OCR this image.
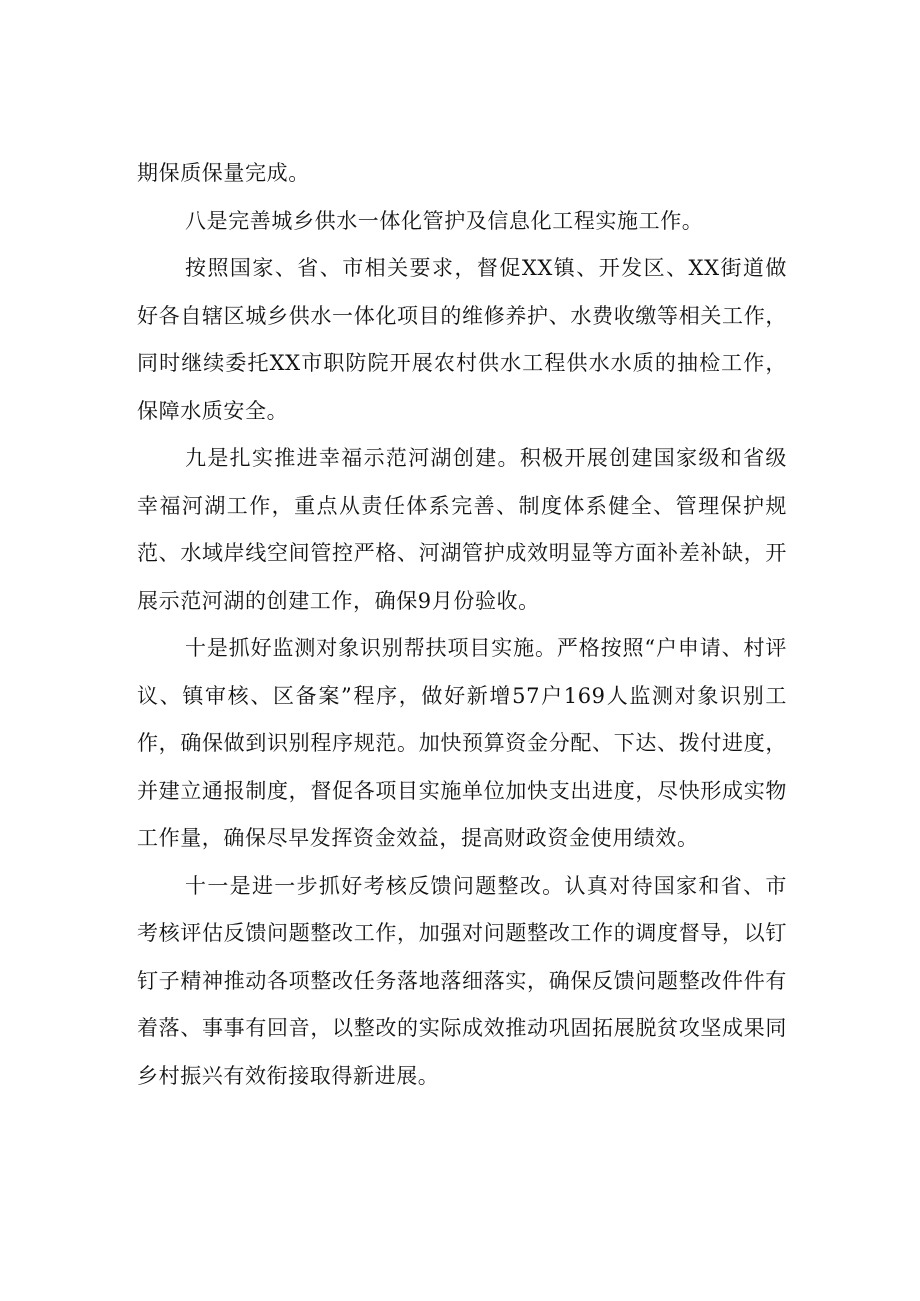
期保质保量完成。

八是完善城乡供水一体化管护及信息化工程实施工作。

按照国家、省、市相关要求，督促XX镇、开发区、XX街道做好各自辖区城乡供水一体化项目的维修养护、水费收缴等相关工作，同时继续委托XX市职防院开展农村供水工程供水水质的抽检工作，保障水质安全。

九是扎实推进幸福示范河湖创建。积极开展创建国家级和省级幸福河湖工作，重点从责任体系完善、制度体系健全、管理保护规范、水域岸线空间管控严格、河湖管护成效明显等方面补差补缺，开展示范河湖的创建工作，确保9月份验收。

十是抓好监测对象识别帮扶项目实施。严格按照“户申请、村评议、镇审核、区备案”程序，做好新增57户169人监测对象识别工作，确保做到识别程序规范。加快预算资金分配、下达、拨付进度，并建立通报制度，督促各项目实施单位加快支出进度，尽快形成实物工作量，确保尽早发挥资金效益，提高财政资金使用绩效。

十一是进一步抓好考核反馈问题整改。认真对待国家和省、市考核评估反馈问题整改工作，加强对问题整改工作的调度督导，以钉钉子精神推动各项整改任务落地落细落实，确保反馈问题整改件件有着落、事事有回音，以整改的实际成效推动巩固拓展脱贫攻坚成果同乡村振兴有效衔接取得新进展。
